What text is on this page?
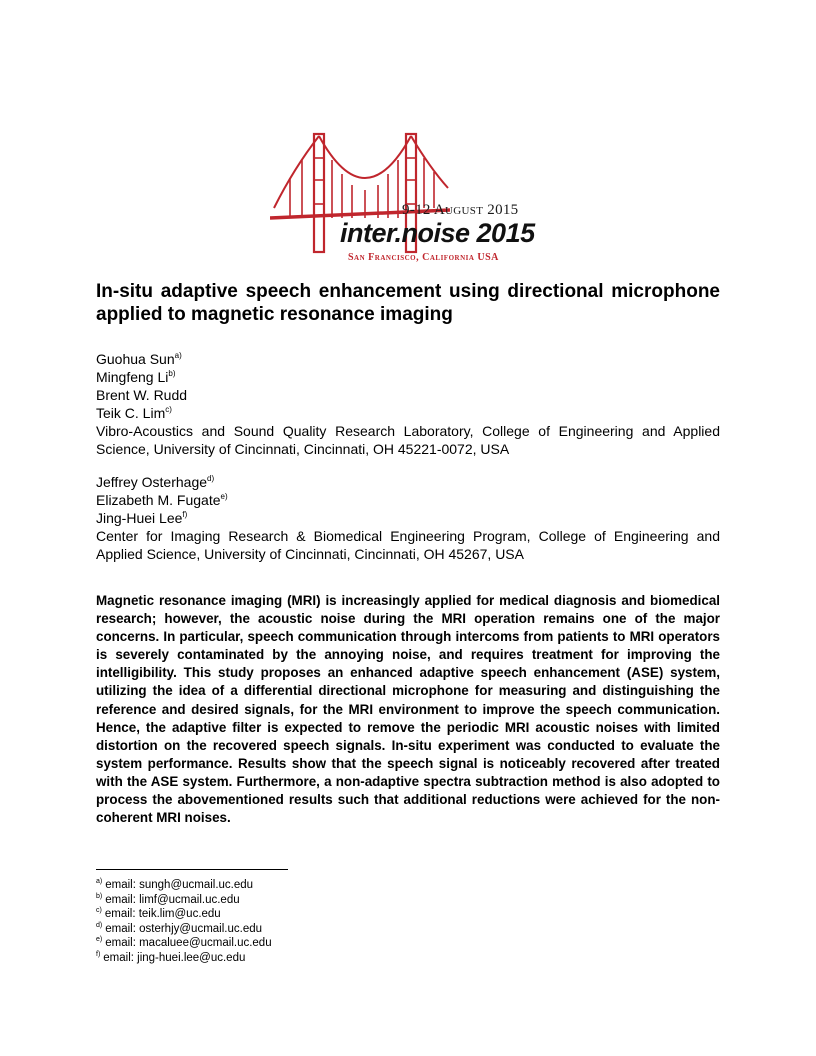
9-12 August 2015
inter.noise 2015
San Francisco, California USA
In-situ adaptive speech enhancement using directional microphone applied to magnetic resonance imaging

Guohua Sun$^{a)}$

Mingfeng Li$^{b)}$

Brent W. Rudd

Teik C. Lim$^{c)}$

Vibro-Acoustics and Sound Quality Research Laboratory, College of Engineering and Applied Science, University of Cincinnati, Cincinnati, OH 45221-0072, USA

Jeffrey Osterhage$^{d)}$

Elizabeth M. Fugate$^{e)}$

Jing-Huei Lee$^{f)}$

Center for Imaging Research & Biomedical Engineering Program, College of Engineering and Applied Science, University of Cincinnati, Cincinnati, OH 45267, USA

Magnetic resonance imaging (MRI) is increasingly applied for medical diagnosis and biomedical research; however, the acoustic noise during the MRI operation remains one of the major concerns. In particular, speech communication through intercoms from patients to MRI operators is severely contaminated by the annoying noise, and requires treatment for improving the intelligibility. This study proposes an enhanced adaptive speech enhancement (ASE) system, utilizing the idea of a differential directional microphone for measuring and distinguishing the reference and desired signals, for the MRI environment to improve the speech communication. Hence, the adaptive filter is expected to remove the periodic MRI acoustic noises with limited distortion on the recovered speech signals. In-situ experiment was conducted to evaluate the system performance. Results show that the speech signal is noticeably recovered after treated with the ASE system. Furthermore, a non-adaptive spectra subtraction method is also adopted to process the abovementioned results such that additional reductions were achieved for the non-coherent MRI noises.

$^{a)}$ email: sungh@ucmail.uc.edu
$^{b)}$ email: limf@ucmail.uc.edu
$^{c)}$ email: teik.lim@uc.edu
$^{d)}$ email: osterhjy@ucmail.uc.edu
$^{e)}$ email: macaluee@ucmail.uc.edu
$^{f)}$ email: jing-huei.lee@uc.edu
